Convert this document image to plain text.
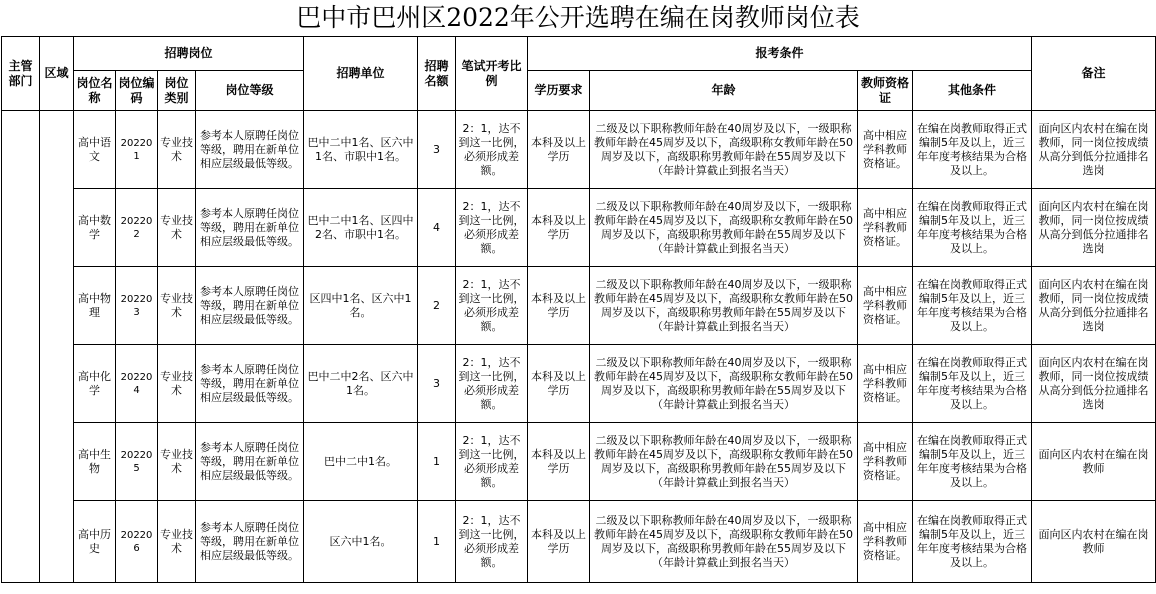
巴中市巴州区2022年公开选聘在编在岗教师岗位表
主管部门	区域	招聘岗位				招聘单位	招聘名额	笔试开考比例	报考条件				备注
		岗位名称	岗位编码	岗位类别	岗位等级				学历要求	年龄	教师资格证	其他条件	
		高中语文	202201	专业技术	参考本人原聘任岗位等级，聘用在新单位相应层级最低等级。	巴中二中1名、区六中1名、市职中1名。	3	2：1，达不到这一比例，必须形成差额。	本科及以上学历	二级及以下职称教师年龄在40周岁及以下，一级职称教师年龄在45周岁及以下，高级职称女教师年龄在50周岁及以下，高级职称男教师年龄在55周岁及以下（年龄计算截止到报名当天）	高中相应学科教师资格证。	在编在岗教师取得正式编制5年及以上，近三年年度考核结果为合格及以上。	面向区内农村在编在岗教师，同一岗位按成绩从高分到低分拉通排名选岗
		高中数学	202202	专业技术	参考本人原聘任岗位等级，聘用在新单位相应层级最低等级。	巴中二中1名、区四中2名、市职中1名。	4	2：1，达不到这一比例，必须形成差额。	本科及以上学历	二级及以下职称教师年龄在40周岁及以下，一级职称教师年龄在45周岁及以下，高级职称女教师年龄在50周岁及以下，高级职称男教师年龄在55周岁及以下（年龄计算截止到报名当天）	高中相应学科教师资格证。	在编在岗教师取得正式编制5年及以上，近三年年度考核结果为合格及以上。	面向区内农村在编在岗教师，同一岗位按成绩从高分到低分拉通排名选岗
		高中物理	202203	专业技术	参考本人原聘任岗位等级，聘用在新单位相应层级最低等级。	区四中1名、区六中1名。	2	2：1，达不到这一比例，必须形成差额。	本科及以上学历	二级及以下职称教师年龄在40周岁及以下，一级职称教师年龄在45周岁及以下，高级职称女教师年龄在50周岁及以下，高级职称男教师年龄在55周岁及以下（年龄计算截止到报名当天）	高中相应学科教师资格证。	在编在岗教师取得正式编制5年及以上，近三年年度考核结果为合格及以上。	面向区内农村在编在岗教师，同一岗位按成绩从高分到低分拉通排名选岗
		高中化学	202204	专业技术	参考本人原聘任岗位等级，聘用在新单位相应层级最低等级。	巴中二中2名、区六中1名。	3	2：1，达不到这一比例，必须形成差额。	本科及以上学历	二级及以下职称教师年龄在40周岁及以下，一级职称教师年龄在45周岁及以下，高级职称女教师年龄在50周岁及以下，高级职称男教师年龄在55周岁及以下（年龄计算截止到报名当天）	高中相应学科教师资格证。	在编在岗教师取得正式编制5年及以上，近三年年度考核结果为合格及以上。	面向区内农村在编在岗教师，同一岗位按成绩从高分到低分拉通排名选岗
		高中生物	202205	专业技术	参考本人原聘任岗位等级，聘用在新单位相应层级最低等级。	巴中二中1名。	1	2：1，达不到这一比例，必须形成差额。	本科及以上学历	二级及以下职称教师年龄在40周岁及以下，一级职称教师年龄在45周岁及以下，高级职称女教师年龄在50周岁及以下，高级职称男教师年龄在55周岁及以下（年龄计算截止到报名当天）	高中相应学科教师资格证。	在编在岗教师取得正式编制5年及以上，近三年年度考核结果为合格及以上。	面向区内农村在编在岗教师
		高中历史	202206	专业技术	参考本人原聘任岗位等级，聘用在新单位相应层级最低等级。	区六中1名。	1	2：1，达不到这一比例，必须形成差额。	本科及以上学历	二级及以下职称教师年龄在40周岁及以下，一级职称教师年龄在45周岁及以下，高级职称女教师年龄在50周岁及以下，高级职称男教师年龄在55周岁及以下（年龄计算截止到报名当天）	高中相应学科教师资格证。	在编在岗教师取得正式编制5年及以上，近三年年度考核结果为合格及以上。	面向区内农村在编在岗教师
